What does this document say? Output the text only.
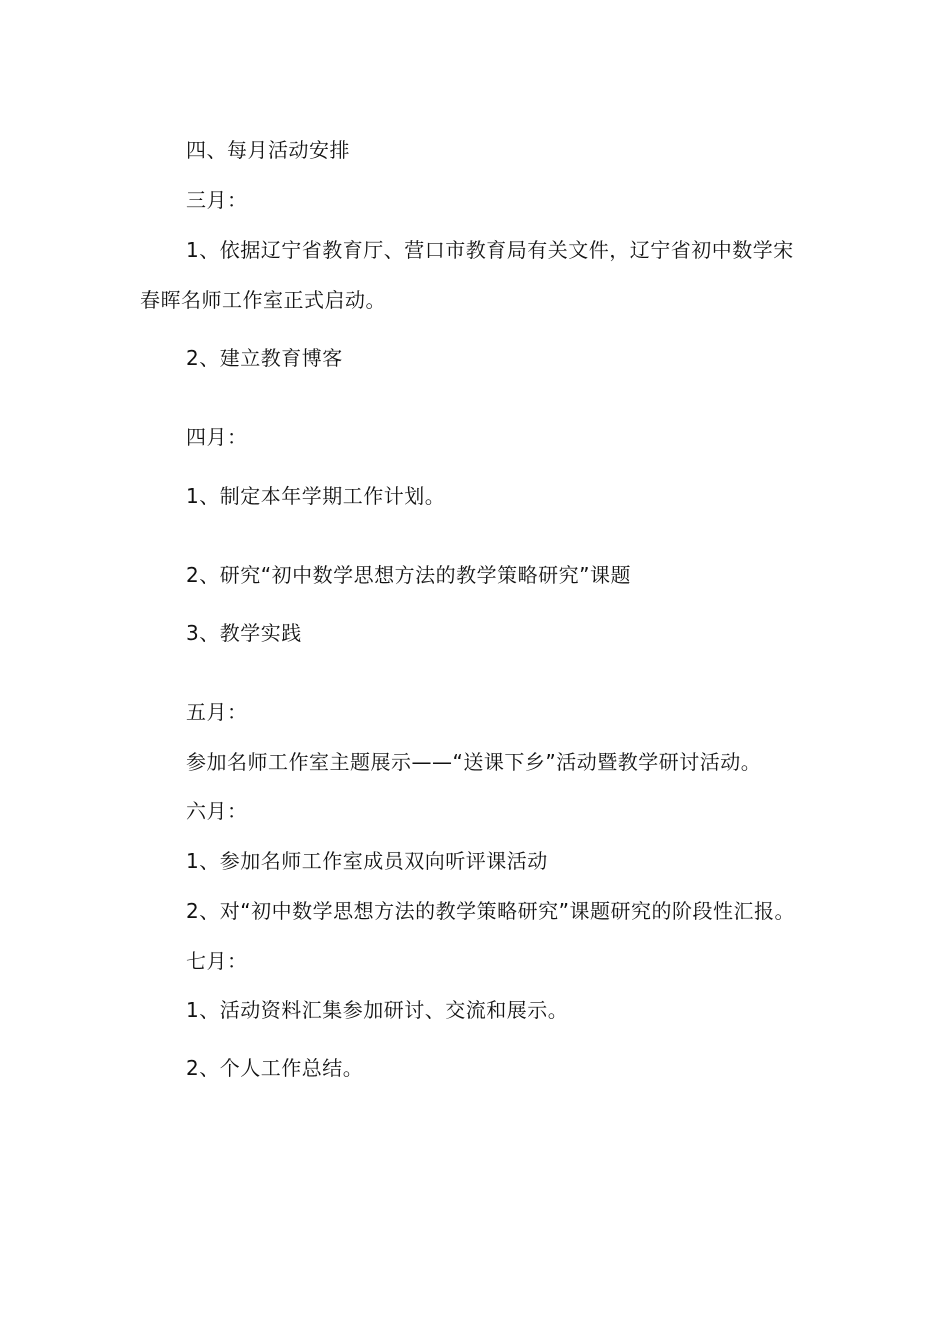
四、每月活动安排
三月：
1、依据辽宁省教育厅、营口市教育局有关文件，辽宁省初中数学宋
春晖名师工作室正式启动。
2、建立教育博客
四月：
1、制定本年学期工作计划。
2、研究“初中数学思想方法的教学策略研究”课题
3、教学实践
五月：
参加名师工作室主题展示——“送课下乡”活动暨教学研讨活动。
六月：
1、参加名师工作室成员双向听评课活动
2、对“初中数学思想方法的教学策略研究”课题研究的阶段性汇报。
七月：
1、活动资料汇集参加研讨、交流和展示。
2、个人工作总结。
